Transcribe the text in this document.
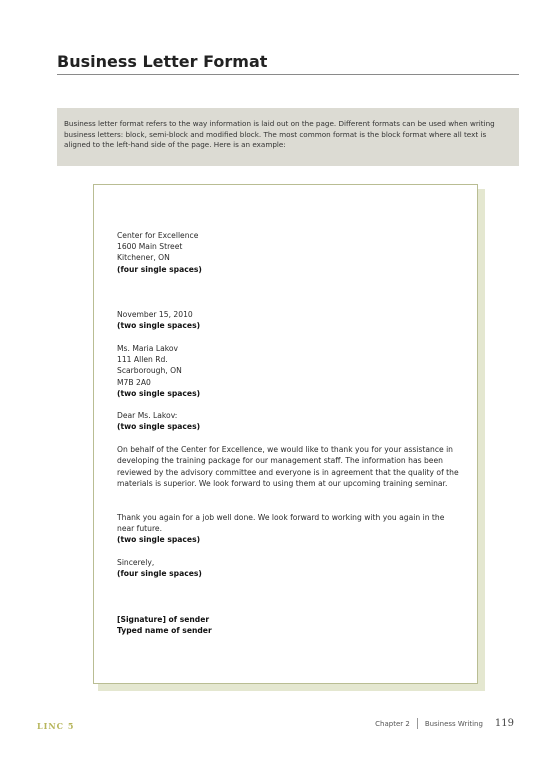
Business Letter Format
Business letter format refers to the way information is laid out on the page. Different formats can be used when writing business letters: block, semi-block and modified block. The most common format is the block format where all text is aligned to the left-hand side of the page. Here is an example:

Center for Excellence

1600 Main Street

Kitchener, ON

(four single spaces)

November 15, 2010

(two single spaces)

Ms. Maria Lakov

111 Allen Rd.

Scarborough, ON

M7B 2A0

(two single spaces)

Dear Ms. Lakov:

(two single spaces)

On behalf of the Center for Excellence, we would like to thank you for your assistance in developing the training package for our management staff. The information has been reviewed by the advisory committee and everyone is in agreement that the quality of the materials is superior. We look forward to using them at our upcoming training seminar.

Thank you again for a job well done. We look forward to working with you again in the near future.

(two single spaces)

Sincerely,

(four single spaces)

[Signature] of sender

Typed name of sender

LINC 5	Chapter 2 Business Writing 119
